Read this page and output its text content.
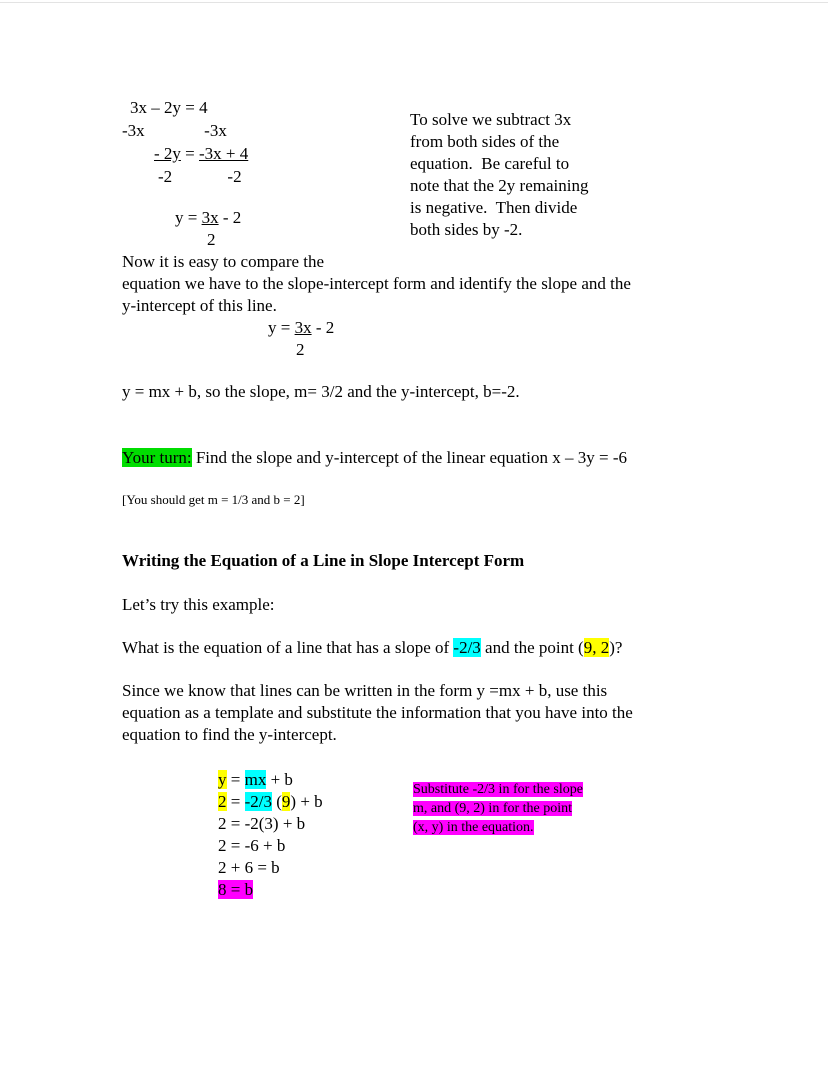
3x – 2y = 4
-3x              -3x
- 2y = -3x + 4
-2             -2
y = 3x - 2
2
To solve we subtract 3x
from both sides of the
equation.  Be careful to
note that the 2y remaining
is negative.  Then divide
both sides by -2.
Now it is easy to compare the
equation we have to the slope-intercept form and identify the slope and the
y-intercept of this line.
y = 3x - 2
2
y = mx + b, so the slope, m= 3/2 and the y-intercept, b=-2.
Your turn: Find the slope and y-intercept of the linear equation x – 3y = -6
[You should get m = 1/3 and b = 2]
Writing the Equation of a Line in Slope Intercept Form
Let’s try this example:
What is the equation of a line that has a slope of -2/3 and the point (9, 2)?
Since we know that lines can be written in the form y =mx + b, use this
equation as a template and substitute the information that you have into the
equation to find the y-intercept.
y = mx + b
2 = -2/3 (9) + b
2 = -2(3) + b
2 = -6 + b
2 + 6 = b
8 = b
Substitute -2/3 in for the slope
m, and (9, 2) in for the point
(x, y) in the equation.
